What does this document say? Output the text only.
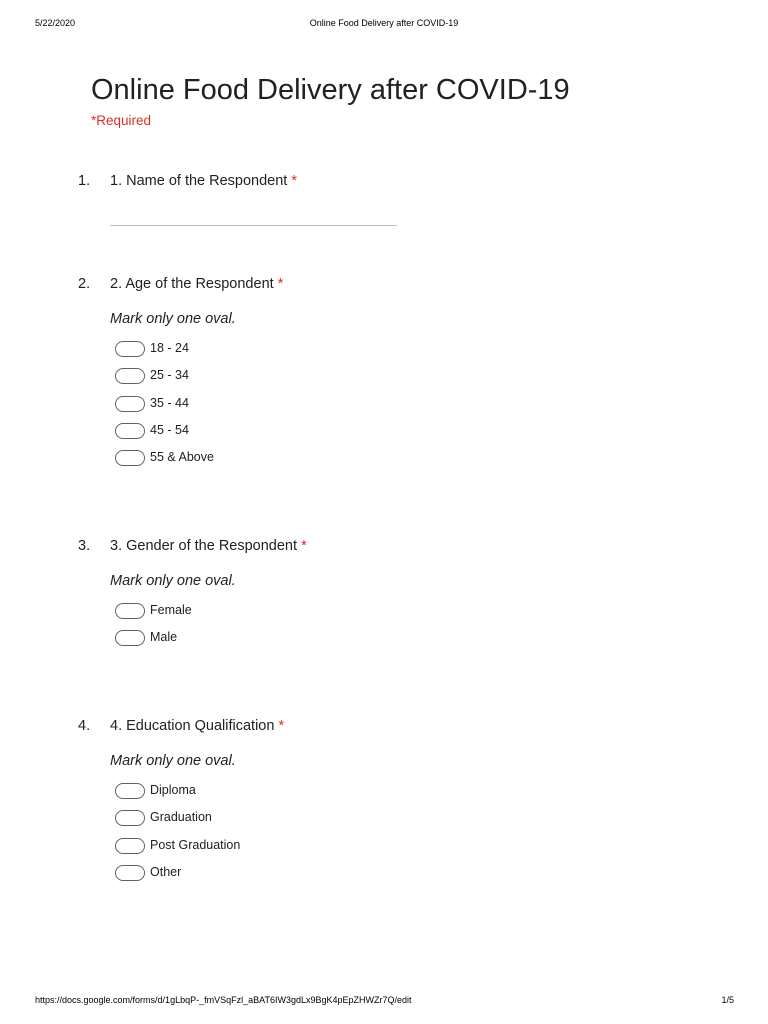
5/22/2020	Online Food Delivery after COVID-19
Online Food Delivery after COVID-19
*Required
1. 1. Name of the Respondent *
2. 2. Age of the Respondent *
Mark only one oval.
18 - 24
25 - 34
35 - 44
45 - 54
55 & Above
3. 3. Gender of the Respondent *
Mark only one oval.
Female
Male
4. 4. Education Qualification *
Mark only one oval.
Diploma
Graduation
Post Graduation
Other
https://docs.google.com/forms/d/1gLbqP-_fmVSqFzl_aBAT6IW3gdLx9BgK4pEpZHWZr7Q/edit	1/5
